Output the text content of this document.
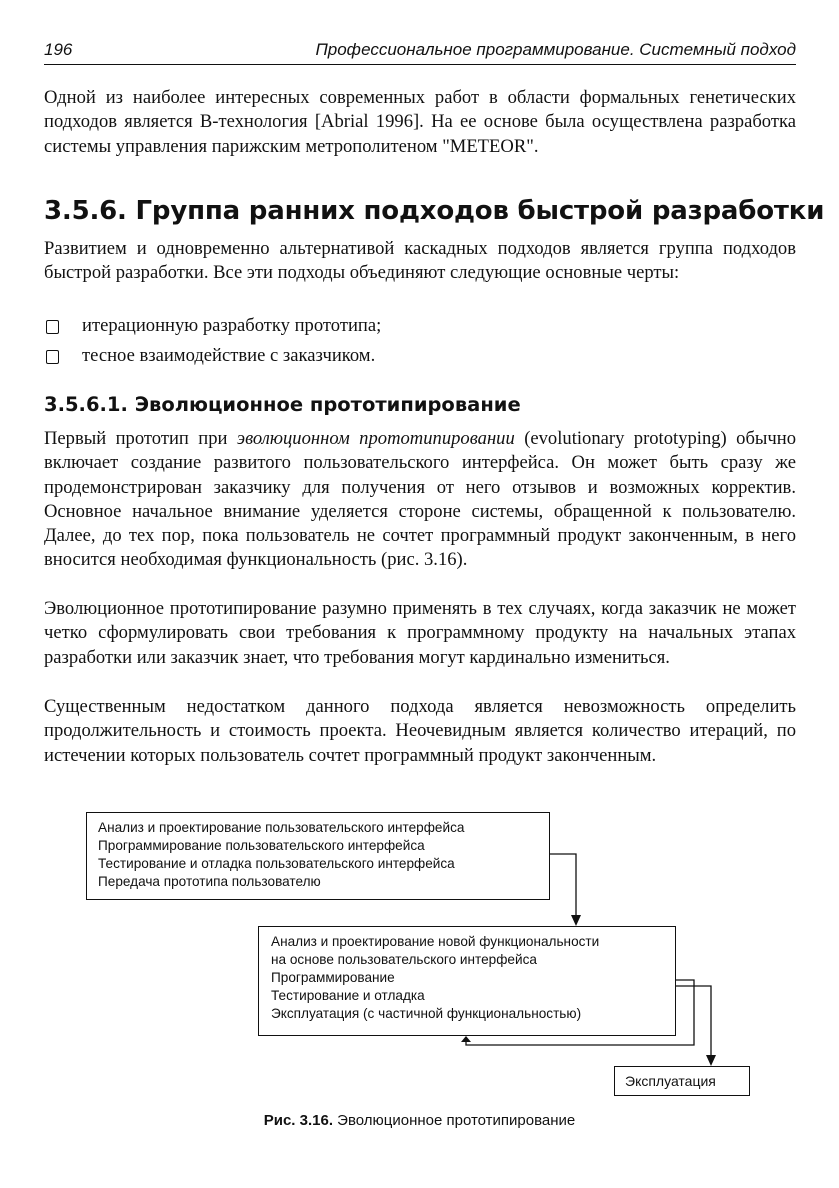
196	Профессиональное программирование. Системный подход

Одной из наиболее интересных современных работ в области формальных генетических подходов является В-технология [Abrial 1996]. На ее основе была осуществлена разработка системы управления парижским метрополитеном "METEOR".

3.5.6. Группа ранних подходов быстрой разработки

Развитием и одновременно альтернативой каскадных подходов является группа подходов быстрой разработки. Все эти подходы объединяют следующие основные черты:

итерационную разработку прототипа;
тесное взаимодействие с заказчиком.
3.5.6.1. Эволюционное прототипирование

Первый прототип при эволюционном прототипировании (evolutionary prototyping) обычно включает создание развитого пользовательского интерфейса. Он может быть сразу же продемонстрирован заказчику для получения от него отзывов и возможных корректив. Основное начальное внимание уделяется стороне системы, обращенной к пользователю. Далее, до тех пор, пока пользователь не сочтет программный продукт законченным, в него вносится необходимая функциональность (рис. 3.16).

Эволюционное прототипирование разумно применять в тех случаях, когда заказчик не может четко сформулировать свои требования к программному продукту на начальных этапах разработки или заказчик знает, что требования могут кардинально измениться.

Существенным недостатком данного подхода является невозможность определить продолжительность и стоимость проекта. Неочевидным является количество итераций, по истечении которых пользователь сочтет программный продукт законченным.

Анализ и проектирование пользовательского интерфейса
Программирование пользовательского интерфейса
Тестирование и отладка пользовательского интерфейса
Передача прототипа пользователю
Анализ и проектирование новой функциональности
на основе пользовательского интерфейса
Программирование
Тестирование и отладка
Эксплуатация (с частичной функциональностью)
Эксплуатация
Рис. 3.16. Эволюционное прототипирование
